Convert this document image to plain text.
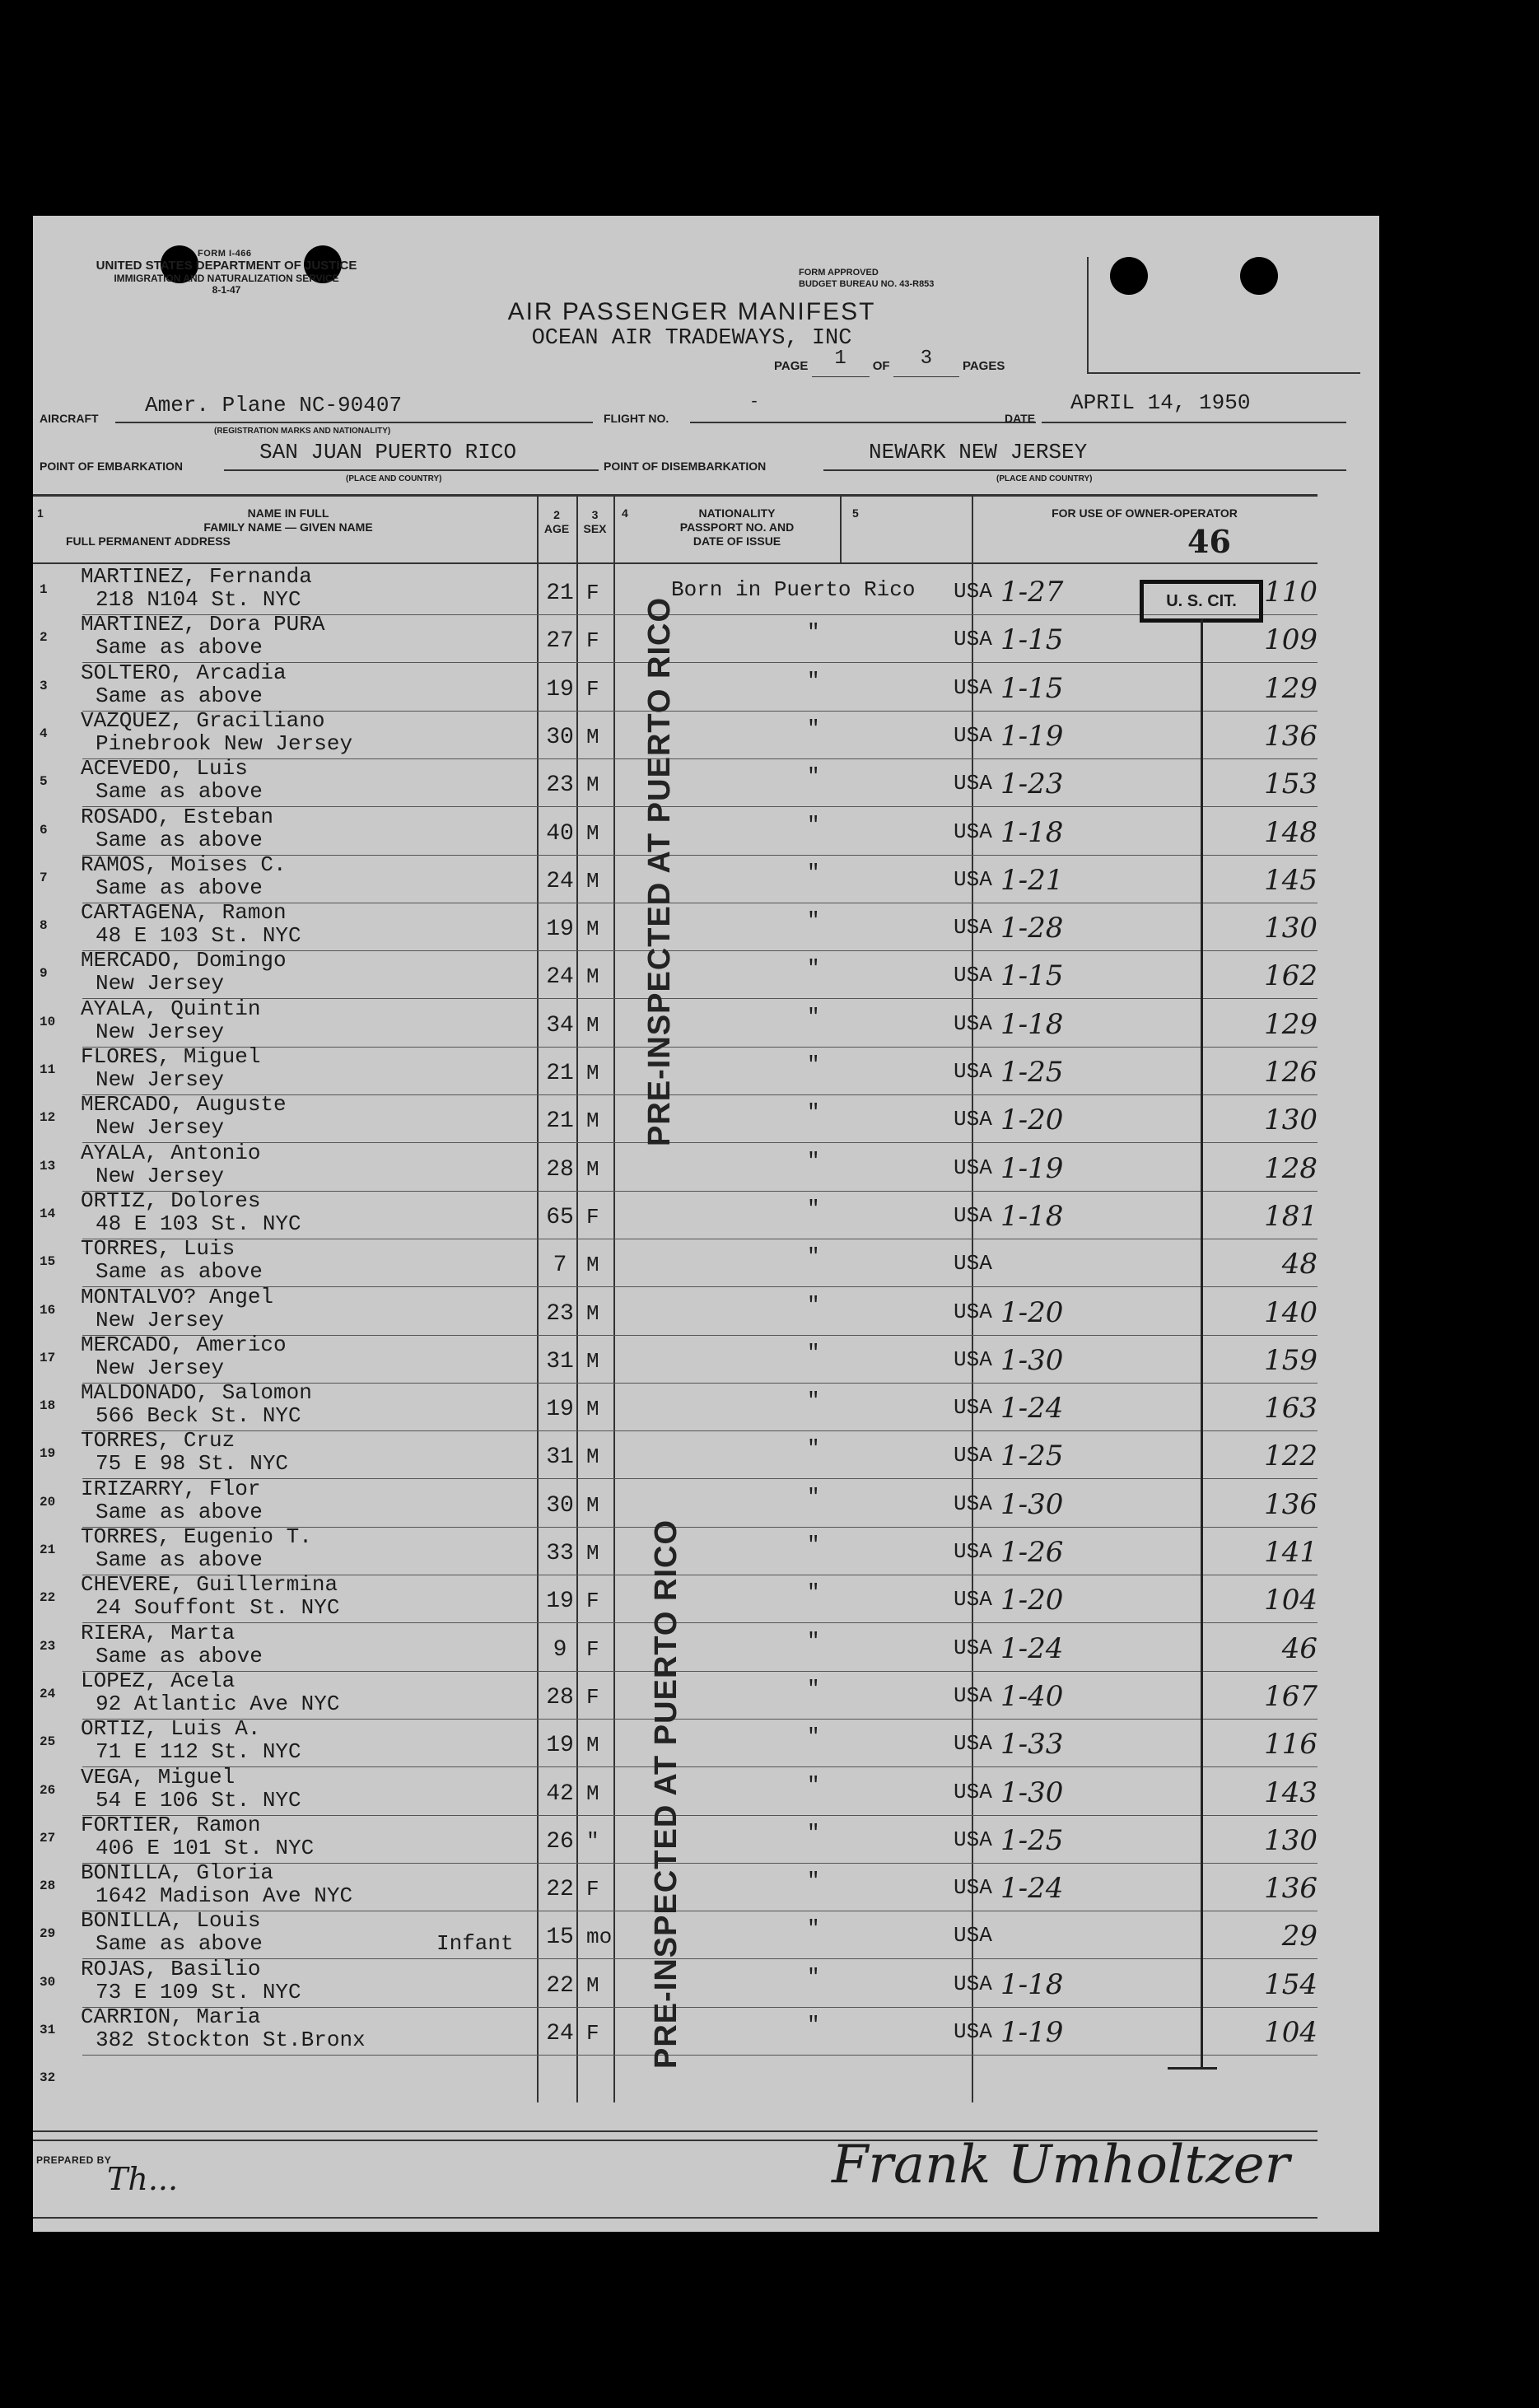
FORM I-466
UNITED STATES DEPARTMENT OF JUSTICE
IMMIGRATION AND NATURALIZATION SERVICE
8-1-47
FORM APPROVED
BUDGET BUREAU NO. 43-R853
AIR PASSENGER MANIFEST
OCEAN AIR TRADEWAYS, INC
PAGE 1 OF 3 PAGES
AIRCRAFT
Amer. Plane NC-90407
(REGISTRATION MARKS AND NATIONALITY)
FLIGHT NO.
-
DATE
APRIL 14, 1950
POINT OF EMBARKATION
SAN JUAN PUERTO RICO
(PLACE AND COUNTRY)
POINT OF DISEMBARKATION
NEWARK NEW JERSEY
(PLACE AND COUNTRY)
1	NAME IN FULL
FAMILY NAME — GIVEN NAME
FULL PERMANENT ADDRESS
2
AGE
3
SEX
4	NATIONALITY
PASSPORT NO. AND
DATE OF ISSUE
5	FOR USE OF OWNER-OPERATOR
46
1
MARTINEZ, Fernanda
218 N104 St. NYC	21 F	USA 1-27	110
Born in Puerto Rico
2
MARTINEZ, Dora PURA
Same as above	27 F	"	USA 1-15	109
3
SOLTERO, Arcadia
Same as above	19 F	"	USA 1-15	129
4
VAZQUEZ, Graciliano
Pinebrook New Jersey	30 M	"	USA 1-19	136
5
ACEVEDO, Luis
Same as above	23 M	"	USA 1-23	153
6
ROSADO, Esteban
Same as above	40 M	"	USA 1-18	148
7
RAMOS, Moises C.
Same as above	24 M	"	USA 1-21	145
8
CARTAGENA, Ramon
48 E 103 St. NYC	19 M	"	USA 1-28	130
9
MERCADO, Domingo
New Jersey	24 M	"	USA 1-15	162
10
AYALA, Quintin
New Jersey	34 M	"	USA 1-18	129
11
FLORES, Miguel
New Jersey	21 M	"	USA 1-25	126
12
MERCADO, Auguste
New Jersey	21 M	"	USA 1-20	130
13
AYALA, Antonio
New Jersey	28 M	"	USA 1-19	128
14
ORTIZ, Dolores
48 E 103 St. NYC	65 F	"	USA 1-18	181
15
TORRES, Luis
Same as above	7 M	"	USA	48
16
MONTALVO? Angel
New Jersey	23 M	"	USA 1-20	140
17
MERCADO, Americo
New Jersey	31 M	"	USA 1-30	159
18
MALDONADO, Salomon
566 Beck St. NYC	19 M	"	USA 1-24	163
19
TORRES, Cruz
75 E 98 St. NYC	31 M	"	USA 1-25	122
20
IRIZARRY, Flor
Same as above	30 M	"	USA 1-30	136
21
TORRES, Eugenio T.
Same as above	33 M	"	USA 1-26	141
22
CHEVERE, Guillermina
24 Souffont St. NYC	19 F	"	USA 1-20	104
23
RIERA, Marta
Same as above	9 F	"	USA 1-24	46
24
LOPEZ, Acela
92 Atlantic Ave NYC	28 F	"	USA 1-40	167
25
ORTIZ, Luis A.
71 E 112 St. NYC	19 M	"	USA 1-33	116
26
VEGA, Miguel
54 E 106 St. NYC	42 M	"	USA 1-30	143
27
FORTIER, Ramon
406 E 101 St. NYC	26 "	"	USA 1-25	130
28
BONILLA, Gloria
1642 Madison Ave NYC	22 F	"	USA 1-24	136
29
BONILLA, Louis
Same as above	15 mo	"	USA	29
Infant
30
ROJAS, Basilio
73 E 109 St. NYC	22 M	"	USA 1-18	154
31
CARRION, Maria
382 Stockton St.Bronx	24 F	"	USA 1-19	104
32
PRE-INSPECTED AT PUERTO RICO
PRE-INSPECTED AT PUERTO RICO
U. S. CIT.
PREPARED BY
Th...	Frank Umholtzer
